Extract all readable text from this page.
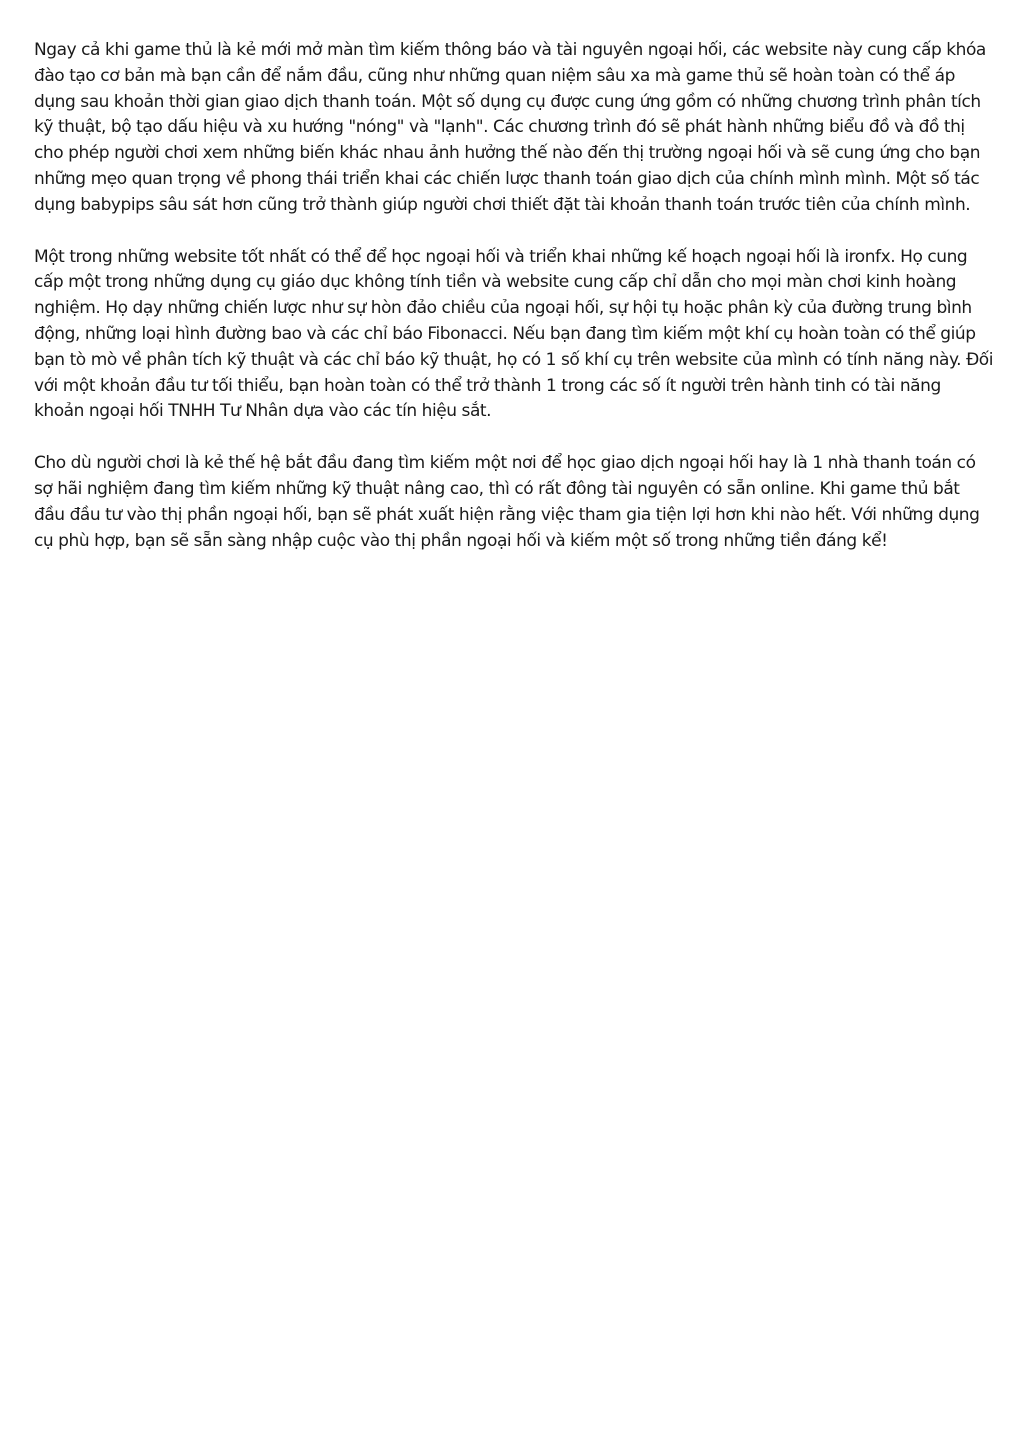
Ngay cả khi game thủ là kẻ mới mở màn tìm kiếm thông báo và tài nguyên ngoại hối, các website này cung cấp khóa đào tạo cơ bản mà bạn cần để nắm đầu, cũng như những quan niệm sâu xa mà game thủ sẽ hoàn toàn có thể áp dụng sau khoản thời gian giao dịch thanh toán. Một số dụng cụ được cung ứng gồm có những chương trình phân tích kỹ thuật, bộ tạo dấu hiệu và xu hướng "nóng" và "lạnh". Các chương trình đó sẽ phát hành những biểu đồ và đồ thị cho phép người chơi xem những biến khác nhau ảnh hưởng thế nào đến thị trường ngoại hối và sẽ cung ứng cho bạn những mẹo quan trọng về phong thái triển khai các chiến lược thanh toán giao dịch của chính mình mình. Một số tác dụng babypips sâu sát hơn cũng trở thành giúp người chơi thiết đặt tài khoản thanh toán trước tiên của chính mình.

Một trong những website tốt nhất có thể để học ngoại hối và triển khai những kế hoạch ngoại hối là ironfx. Họ cung cấp một trong những dụng cụ giáo dục không tính tiền và website cung cấp chỉ dẫn cho mọi màn chơi kinh hoàng nghiệm. Họ dạy những chiến lược như sự hòn đảo chiều của ngoại hối, sự hội tụ hoặc phân kỳ của đường trung bình động, những loại hình đường bao và các chỉ báo Fibonacci. Nếu bạn đang tìm kiếm một khí cụ hoàn toàn có thể giúp bạn tò mò về phân tích kỹ thuật và các chỉ báo kỹ thuật, họ có 1 số khí cụ trên website của mình có tính năng này. Đối với một khoản đầu tư tối thiểu, bạn hoàn toàn có thể trở thành 1 trong các số ít người trên hành tinh có tài năng khoản ngoại hối TNHH Tư Nhân dựa vào các tín hiệu sắt.

Cho dù người chơi là kẻ thế hệ bắt đầu đang tìm kiếm một nơi để học giao dịch ngoại hối hay là 1 nhà thanh toán có sợ hãi nghiệm đang tìm kiếm những kỹ thuật nâng cao, thì có rất đông tài nguyên có sẵn online. Khi game thủ bắt đầu đầu tư vào thị phần ngoại hối, bạn sẽ phát xuất hiện rằng việc tham gia tiện lợi hơn khi nào hết. Với những dụng cụ phù hợp, bạn sẽ sẵn sàng nhập cuộc vào thị phần ngoại hối và kiếm một số trong những tiền đáng kể!
